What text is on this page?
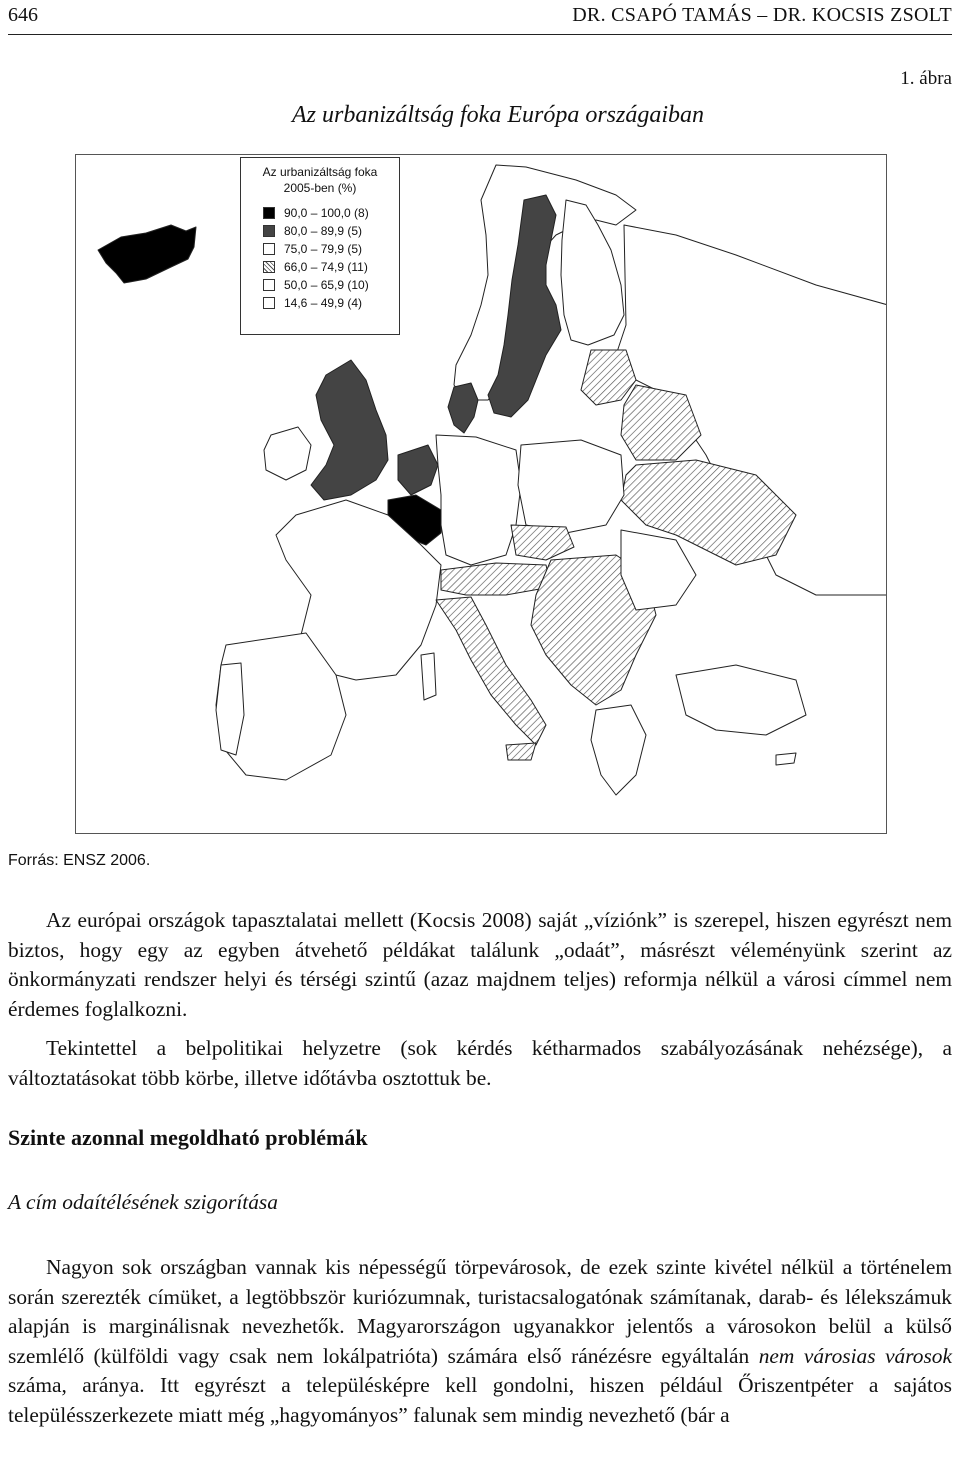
646	DR. CSAPÓ TAMÁS – DR. KOCSIS ZSOLT
1. ábra
Az urbanizáltság foka Európa országaiban
Az urbanizáltság foka
2005-ben (%)
90,0 – 100,0 (8)
80,0 – 89,9 (5)
75,0 – 79,9 (5)
66,0 – 74,9 (11)
50,0 – 65,9 (10)
14,6 – 49,9 (4)
Forrás: ENSZ 2006.
Az európai országok tapasztalatai mellett (Kocsis 2008) saját „víziónk” is szerepel, hiszen egyrészt nem biztos, hogy egy az egyben átvehető példákat találunk „odaát”, másrészt véleményünk szerint az önkormányzati rendszer helyi és térségi szintű (azaz majdnem teljes) reformja nélkül a városi címmel nem érdemes foglalkozni.
Tekintettel a belpolitikai helyzetre (sok kérdés kétharmados szabályozásának nehézsége), a változtatásokat több körbe, illetve időtávba osztottuk be.
Szinte azonnal megoldható problémák
A cím odaítélésének szigorítása
Nagyon sok országban vannak kis népességű törpevárosok, de ezek szinte kivétel nélkül a történelem során szerezték címüket, a legtöbbször kuriózumnak, turistacsalogatónak számítanak, darab- és lélekszámuk alapján is marginálisnak nevezhetők. Magyarországon ugyanakkor jelentős a városokon belül a külső szemlélő (külföldi vagy csak nem lokálpatrióta) számára első ránézésre egyáltalán nem városias városok száma, aránya. Itt egyrészt a településképre kell gondolni, hiszen például Őriszentpéter a sajátos településszerkezete miatt még „hagyományos” falunak sem mindig nevezhető (bár a
